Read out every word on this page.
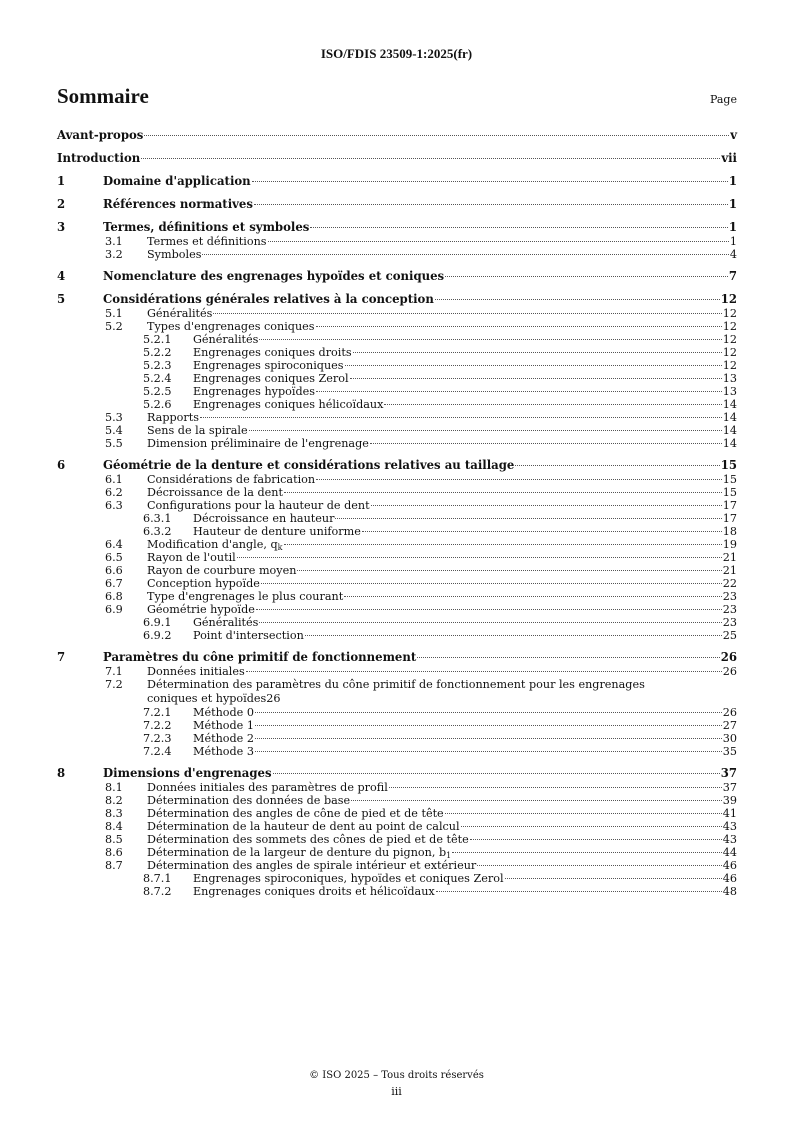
ISO/FDIS 23509-1:2025(fr)
Sommaire	Page
Avant-propos	v
Introduction	vii
1	Domaine d'application	1
2	Références normatives	1
3	Termes, définitions et symboles	1
3.1 Termes et définitions	1
3.2 Symboles	4
4	Nomenclature des engrenages hypoïdes et coniques	7
5	Considérations générales relatives à la conception	12
5.1 Généralités	12
5.2 Types d'engrenages coniques	12
5.2.1 Généralités	12
5.2.2 Engrenages coniques droits	12
5.2.3 Engrenages spiroconiques	12
5.2.4 Engrenages coniques Zerol	13
5.2.5 Engrenages hypoïdes	13
5.2.6 Engrenages coniques hélicoïdaux	14
5.3 Rapports	14
5.4 Sens de la spirale	14
5.5 Dimension préliminaire de l'engrenage	14
6	Géométrie de la denture et considérations relatives au taillage	15
6.1 Considérations de fabrication	15
6.2 Décroissance de la dent	15
6.3 Configurations pour la hauteur de dent	17
6.3.1 Décroissance en hauteur	17
6.3.2 Hauteur de denture uniforme	18
6.4 Modification d'angle, $q_k$	19
6.5 Rayon de l'outil	21
6.6 Rayon de courbure moyen	21
6.7 Conception hypoïde	22
6.8 Type d'engrenages le plus courant	23
6.9 Géométrie hypoïde	23
6.9.1 Généralités	23
6.9.2 Point d'intersection	25
7	Paramètres du cône primitif de fonctionnement	26
7.1 Données initiales	26
7.2 Détermination des paramètres du cône primitif de fonctionnement pour les engrenages
coniques et hypoïdes 26
7.2.1 Méthode 0	26
7.2.2 Méthode 1	27
7.2.3 Méthode 2	30
7.2.4 Méthode 3	35
8	Dimensions d'engrenages	37
8.1 Données initiales des paramètres de profil	37
8.2 Détermination des données de base	39
8.3 Détermination des angles de cône de pied et de tête	41
8.4 Détermination de la hauteur de dent au point de calcul	43
8.5 Détermination des sommets des cônes de pied et de tête	43
8.6 Détermination de la largeur de denture du pignon, $b_1$	44
8.7 Détermination des angles de spirale intérieur et extérieur	46
8.7.1 Engrenages spiroconiques, hypoïdes et coniques Zerol	46
8.7.2 Engrenages coniques droits et hélicoïdaux	48
© ISO 2025 – Tous droits réservés
iii
